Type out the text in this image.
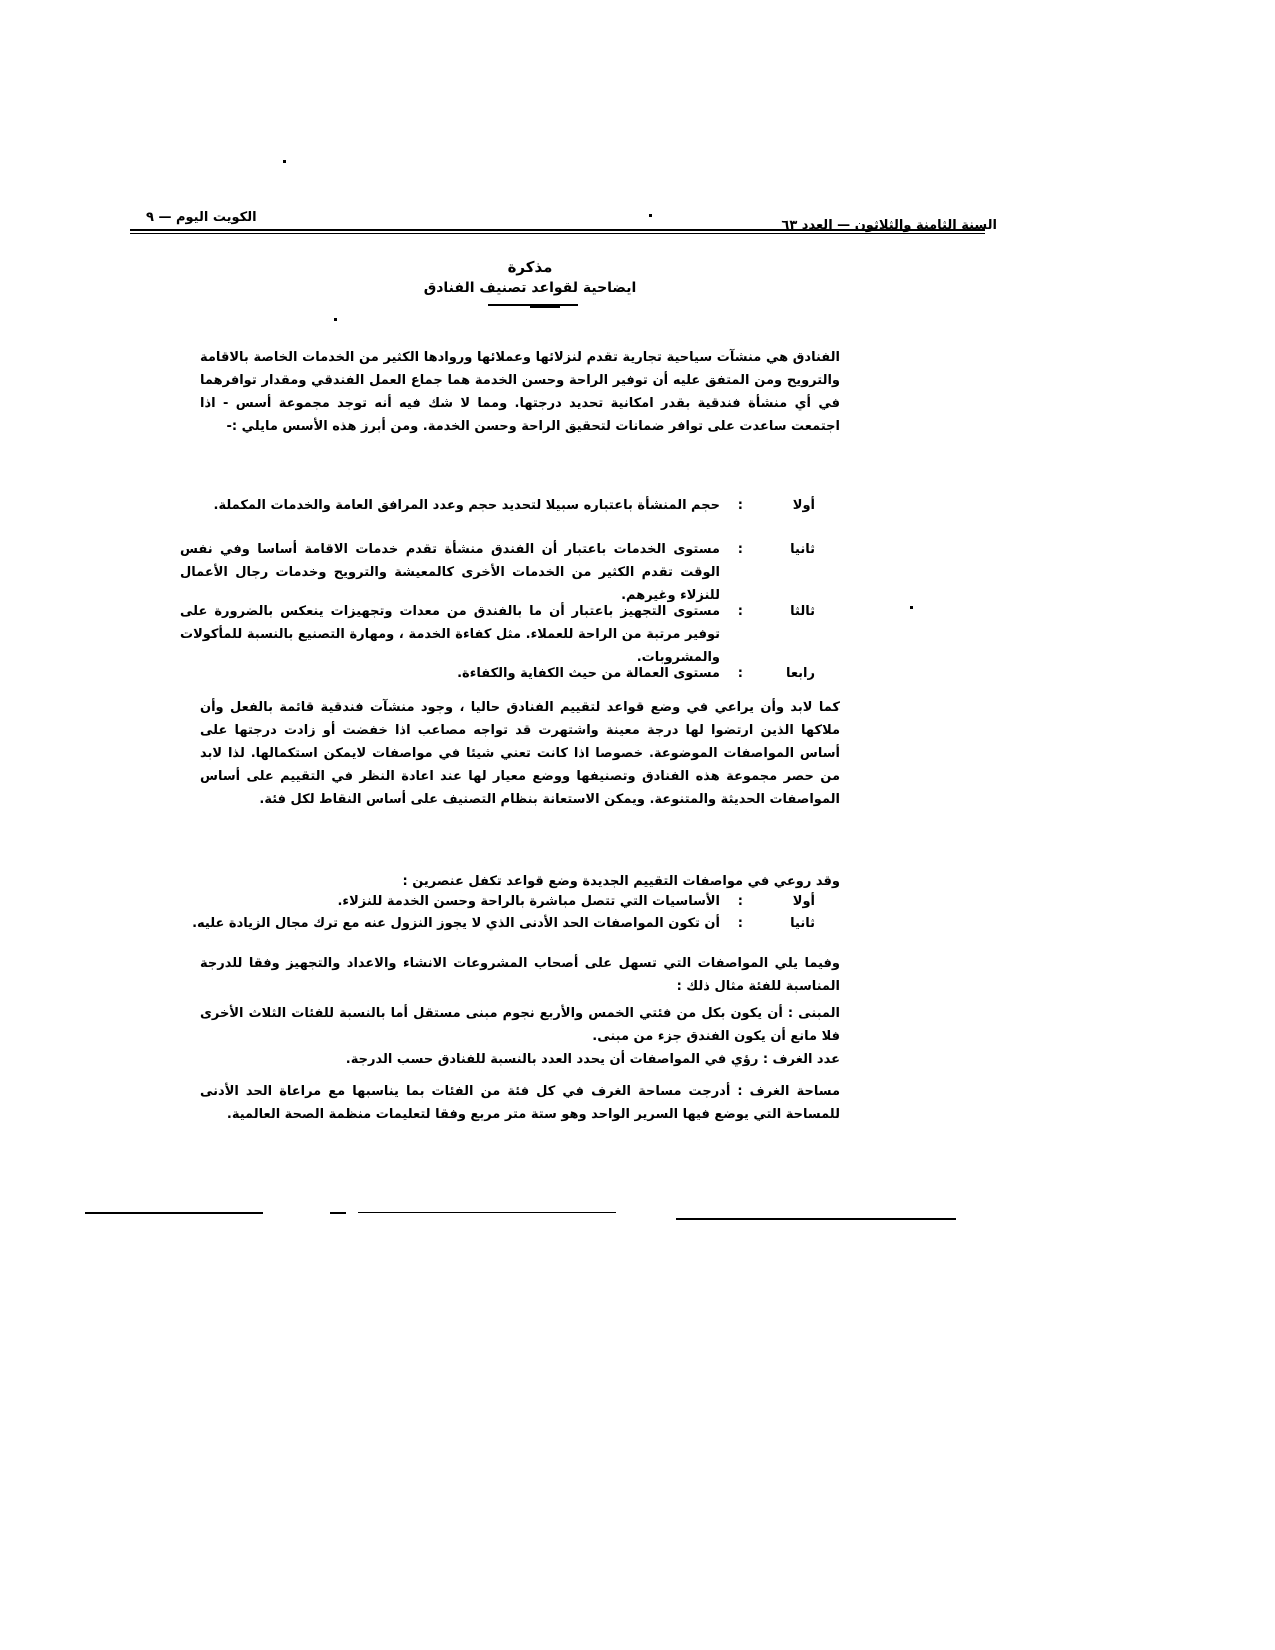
الكويت اليوم — ٩
السنة الثامنة والثلاثون — العدد ٦٣
مذكرة
ايضاحية لقواعد تصنيف الفنادق
الفنادق هي منشآت سياحية تجارية تقدم لنزلائها وعملائها وروادها الكثير من الخدمات الخاصة بالاقامة والترويح ومن المتفق عليه أن توفير الراحة وحسن الخدمة هما جماع العمل الفندقي ومقدار توافرهما في أي منشأة فندقية بقدر امكانية تحديد درجتها. ومما لا شك فيه أنه توجد مجموعة أسس - اذا اجتمعت ساعدت على توافر ضمانات لتحقيق الراحة وحسن الخدمة. ومن أبرز هذه الأسس مايلي :-
أولا
:
حجم المنشأة باعتباره سبيلا لتحديد حجم وعدد المرافق العامة والخدمات المكملة.
ثانيا
:
مستوى الخدمات باعتبار أن الفندق منشأة تقدم خدمات الاقامة أساسا وفي نفس الوقت تقدم الكثير من الخدمات الأخرى كالمعيشة والترويح وخدمات رجال الأعمال للنزلاء وغيرهم.
ثالثا
:
مستوى التجهيز باعتبار أن ما بالفندق من معدات وتجهيزات ينعكس بالضرورة على توفير مرتبة من الراحة للعملاء. مثل كفاءة الخدمة ، ومهارة التصنيع بالنسبة للمأكولات والمشروبات.
رابعا
:
مستوى العمالة من حيث الكفاية والكفاءة.
كما لابد وأن يراعي في وضع قواعد لتقييم الفنادق حاليا ، وجود منشآت فندقية قائمة بالفعل وأن ملاكها الذين ارتضوا لها درجة معينة واشتهرت قد تواجه مصاعب اذا خفضت أو زادت درجتها على أساس المواصفات الموضوعة. خصوصا اذا كانت تعني شيئا في مواصفات لايمكن استكمالها. لذا لابد من حصر مجموعة هذه الفنادق وتصنيفها ووضع معيار لها عند اعادة النظر في التقييم على أساس المواصفات الحديثة والمتنوعة. ويمكن الاستعانة بنظام التصنيف على أساس النقاط لكل فئة.
وقد روعي في مواصفات التقييم الجديدة وضع قواعد تكفل عنصرين :
أولا
:
الأساسيات التي تتصل مباشرة بالراحة وحسن الخدمة للنزلاء.
ثانيا
:
أن تكون المواصفات الحد الأدنى الذي لا يجوز النزول عنه مع ترك مجال الزيادة عليه.
وفيما يلي المواصفات التي تسهل على أصحاب المشروعات الانشاء والاعداد والتجهيز وفقا للدرجة المناسبة للفئة مثال ذلك :
المبنى : أن يكون بكل من فئتي الخمس والأربع نجوم مبنى مستقل أما بالنسبة للفئات الثلاث الأخرى فلا مانع أن يكون الفندق جزء من مبنى.
عدد الغرف : رؤي في المواصفات أن يحدد العدد بالنسبة للفنادق حسب الدرجة.
مساحة الغرف : أدرجت مساحة الغرف في كل فئة من الفئات بما يناسبها مع مراعاة الحد الأدنى للمساحة التي يوضع فيها السرير الواحد وهو ستة متر مربع وفقا لتعليمات منظمة الصحة العالمية.
